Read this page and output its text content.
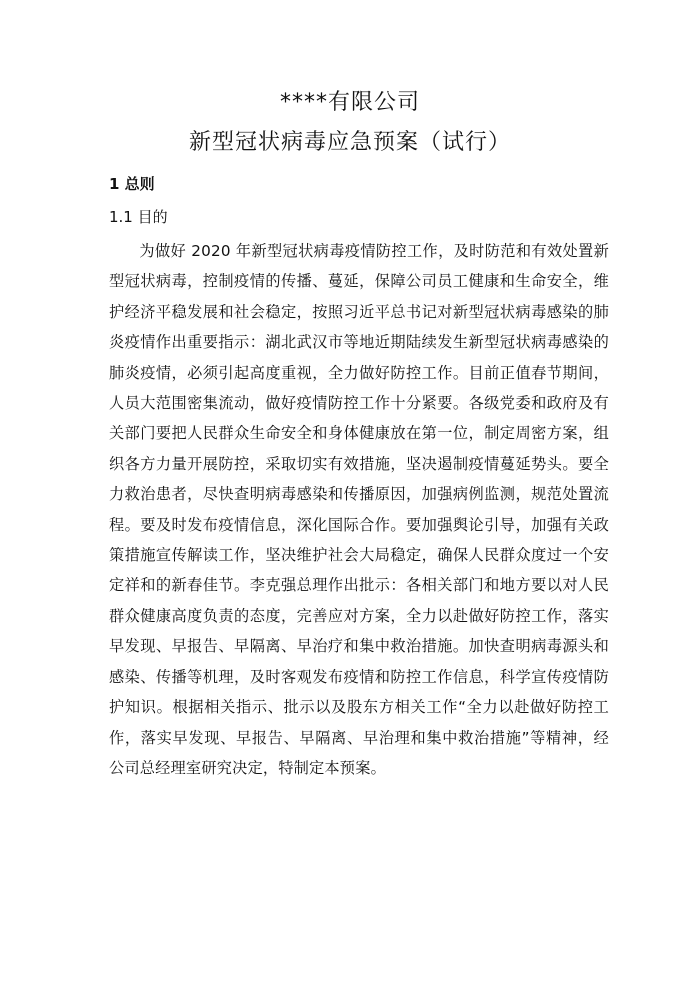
****有限公司
新型冠状病毒应急预案（试行）
1 总则
1.1 目的

为做好 2020 年新型冠状病毒疫情防控工作，及时防范和有效处置新型冠状病毒，控制疫情的传播、蔓延，保障公司员工健康和生命安全，维护经济平稳发展和社会稳定，按照习近平总书记对新型冠状病毒感染的肺炎疫情作出重要指示：湖北武汉市等地近期陆续发生新型冠状病毒感染的肺炎疫情，必须引起高度重视，全力做好防控工作。目前正值春节期间，人员大范围密集流动，做好疫情防控工作十分紧要。各级党委和政府及有关部门要把人民群众生命安全和身体健康放在第一位，制定周密方案，组织各方力量开展防控，采取切实有效措施，坚决遏制疫情蔓延势头。要全力救治患者，尽快查明病毒感染和传播原因，加强病例监测，规范处置流程。要及时发布疫情信息，深化国际合作。要加强舆论引导，加强有关政策措施宣传解读工作，坚决维护社会大局稳定，确保人民群众度过一个安定祥和的新春佳节。李克强总理作出批示：各相关部门和地方要以对人民群众健康高度负责的态度，完善应对方案，全力以赴做好防控工作，落实早发现、早报告、早隔离、早治疗和集中救治措施。加快查明病毒源头和感染、传播等机理，及时客观发布疫情和防控工作信息，科学宣传疫情防护知识。根据相关指示、批示以及股东方相关工作“全力以赴做好防控工作，落实早发现、早报告、早隔离、早治理和集中救治措施”等精神，经公司总经理室研究决定，特制定本预案。
